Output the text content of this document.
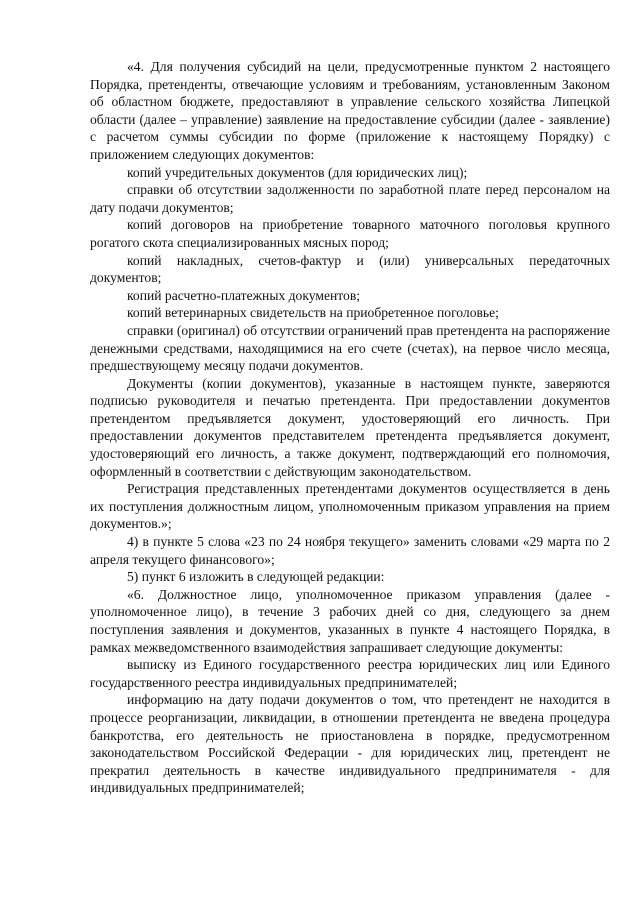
«4. Для получения субсидий на цели, предусмотренные пунктом 2 настоящего Порядка, претенденты, отвечающие условиям и требованиям, установленным Законом об областном бюджете, предоставляют в управление сельского хозяйства Липецкой области (далее – управление) заявление на предоставление субсидии (далее - заявление) с расчетом суммы субсидии по форме (приложение к настоящему Порядку) с приложением следующих документов:

копий учредительных документов (для юридических лиц);

справки об отсутствии задолженности по заработной плате перед персоналом на дату подачи документов;

копий договоров на приобретение товарного маточного поголовья крупного рогатого скота специализированных мясных пород;

копий накладных, счетов-фактур и (или) универсальных передаточных документов;

копий расчетно-платежных документов;

копий ветеринарных свидетельств на приобретенное поголовье;

справки (оригинал) об отсутствии ограничений прав претендента на распоряжение денежными средствами, находящимися на его счете (счетах), на первое число месяца, предшествующему месяцу подачи документов.

Документы (копии документов), указанные в настоящем пункте, заверяются подписью руководителя и печатью претендента. При предоставлении документов претендентом предъявляется документ, удостоверяющий его личность. При предоставлении документов представителем претендента предъявляется документ, удостоверяющий его личность, а также документ, подтверждающий его полномочия, оформленный в соответствии с действующим законодательством.

Регистрация представленных претендентами документов осуществляется в день их поступления должностным лицом, уполномоченным приказом управления на прием документов.»;

4) в пункте 5 слова «23 по 24 ноября текущего» заменить словами «29 марта по 2 апреля текущего финансового»;

5) пункт 6 изложить в следующей редакции:

«6. Должностное лицо, уполномоченное приказом управления (далее - уполномоченное лицо), в течение 3 рабочих дней со дня, следующего за днем поступления заявления и документов, указанных в пункте 4 настоящего Порядка, в рамках межведомственного взаимодействия запрашивает следующие документы:

выписку из Единого государственного реестра юридических лиц или Единого государственного реестра индивидуальных предпринимателей;

информацию на дату подачи документов о том, что претендент не находится в процессе реорганизации, ликвидации, в отношении претендента не введена процедура банкротства, его деятельность не приостановлена в порядке, предусмотренном законодательством Российской Федерации - для юридических лиц, претендент не прекратил деятельность в качестве индивидуального предпринимателя - для индивидуальных предпринимателей;
